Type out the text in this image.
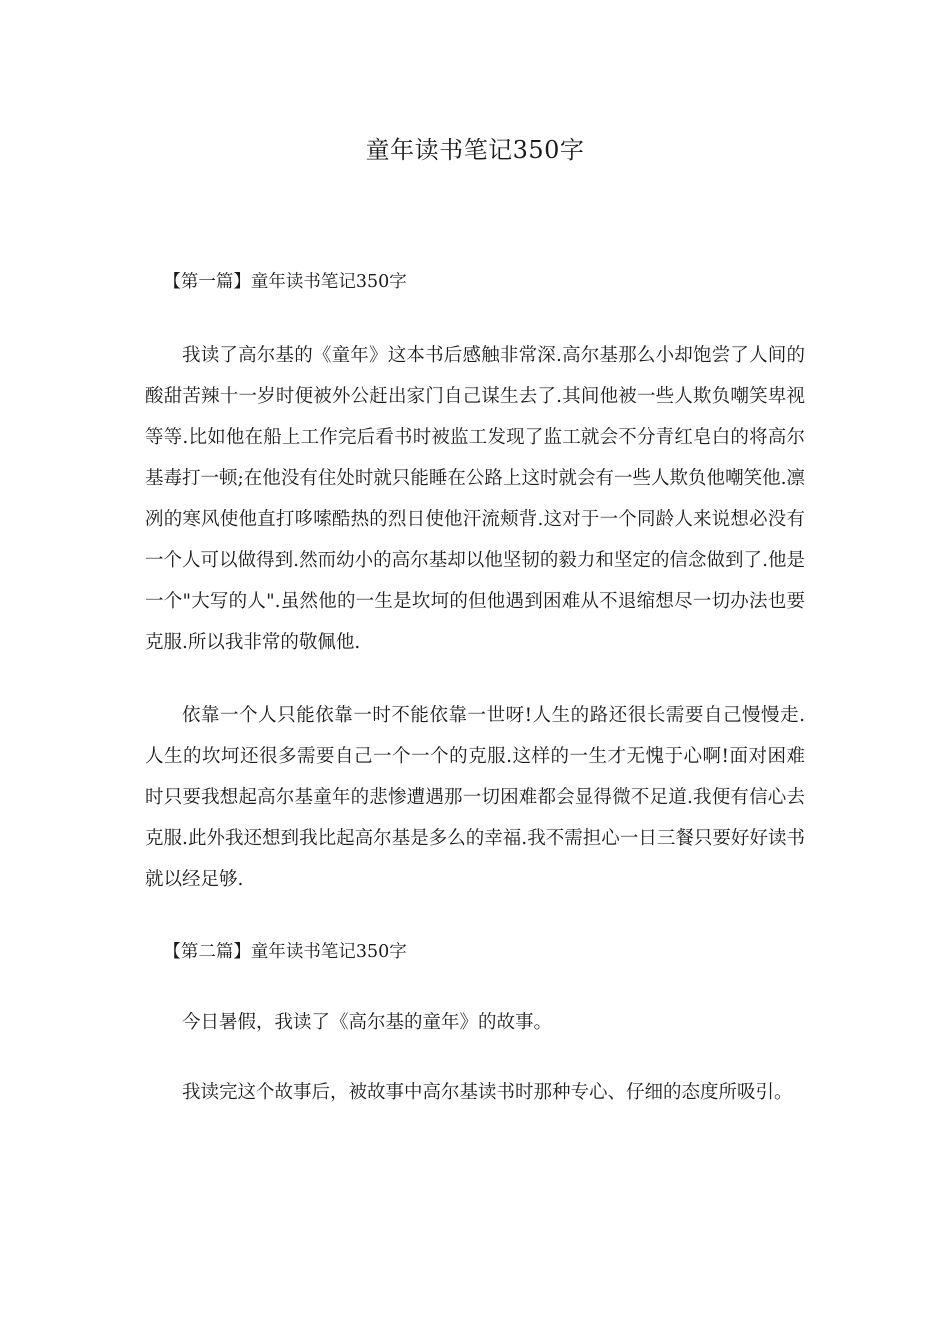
童年读书笔记350字

【第一篇】童年读书笔记350字

我读了高尔基的《童年》这本书后感触非常深.高尔基那么小却饱尝了人间的酸甜苦辣十一岁时便被外公赶出家门自己谋生去了.其间他被一些人欺负嘲笑卑视等等.比如他在船上工作完后看书时被监工发现了监工就会不分青红皂白的将高尔基毒打一顿;在他没有住处时就只能睡在公路上这时就会有一些人欺负他嘲笑他.凛冽的寒风使他直打哆嗦酷热的烈日使他汗流颊背.这对于一个同龄人来说想必没有一个人可以做得到.然而幼小的高尔基却以他坚韧的毅力和坚定的信念做到了.他是一个"大写的人".虽然他的一生是坎坷的但他遇到困难从不退缩想尽一切办法也要克服.所以我非常的敬佩他.

依靠一个人只能依靠一时不能依靠一世呀!人生的路还很长需要自己慢慢走.人生的坎坷还很多需要自己一个一个的克服.这样的一生才无愧于心啊!面对困难时只要我想起高尔基童年的悲惨遭遇那一切困难都会显得微不足道.我便有信心去克服.此外我还想到我比起高尔基是多么的幸福.我不需担心一日三餐只要好好读书就以经足够.

【第二篇】童年读书笔记350字

今日暑假，我读了《高尔基的童年》的故事。

我读完这个故事后，被故事中高尔基读书时那种专心、仔细的态度所吸引。
